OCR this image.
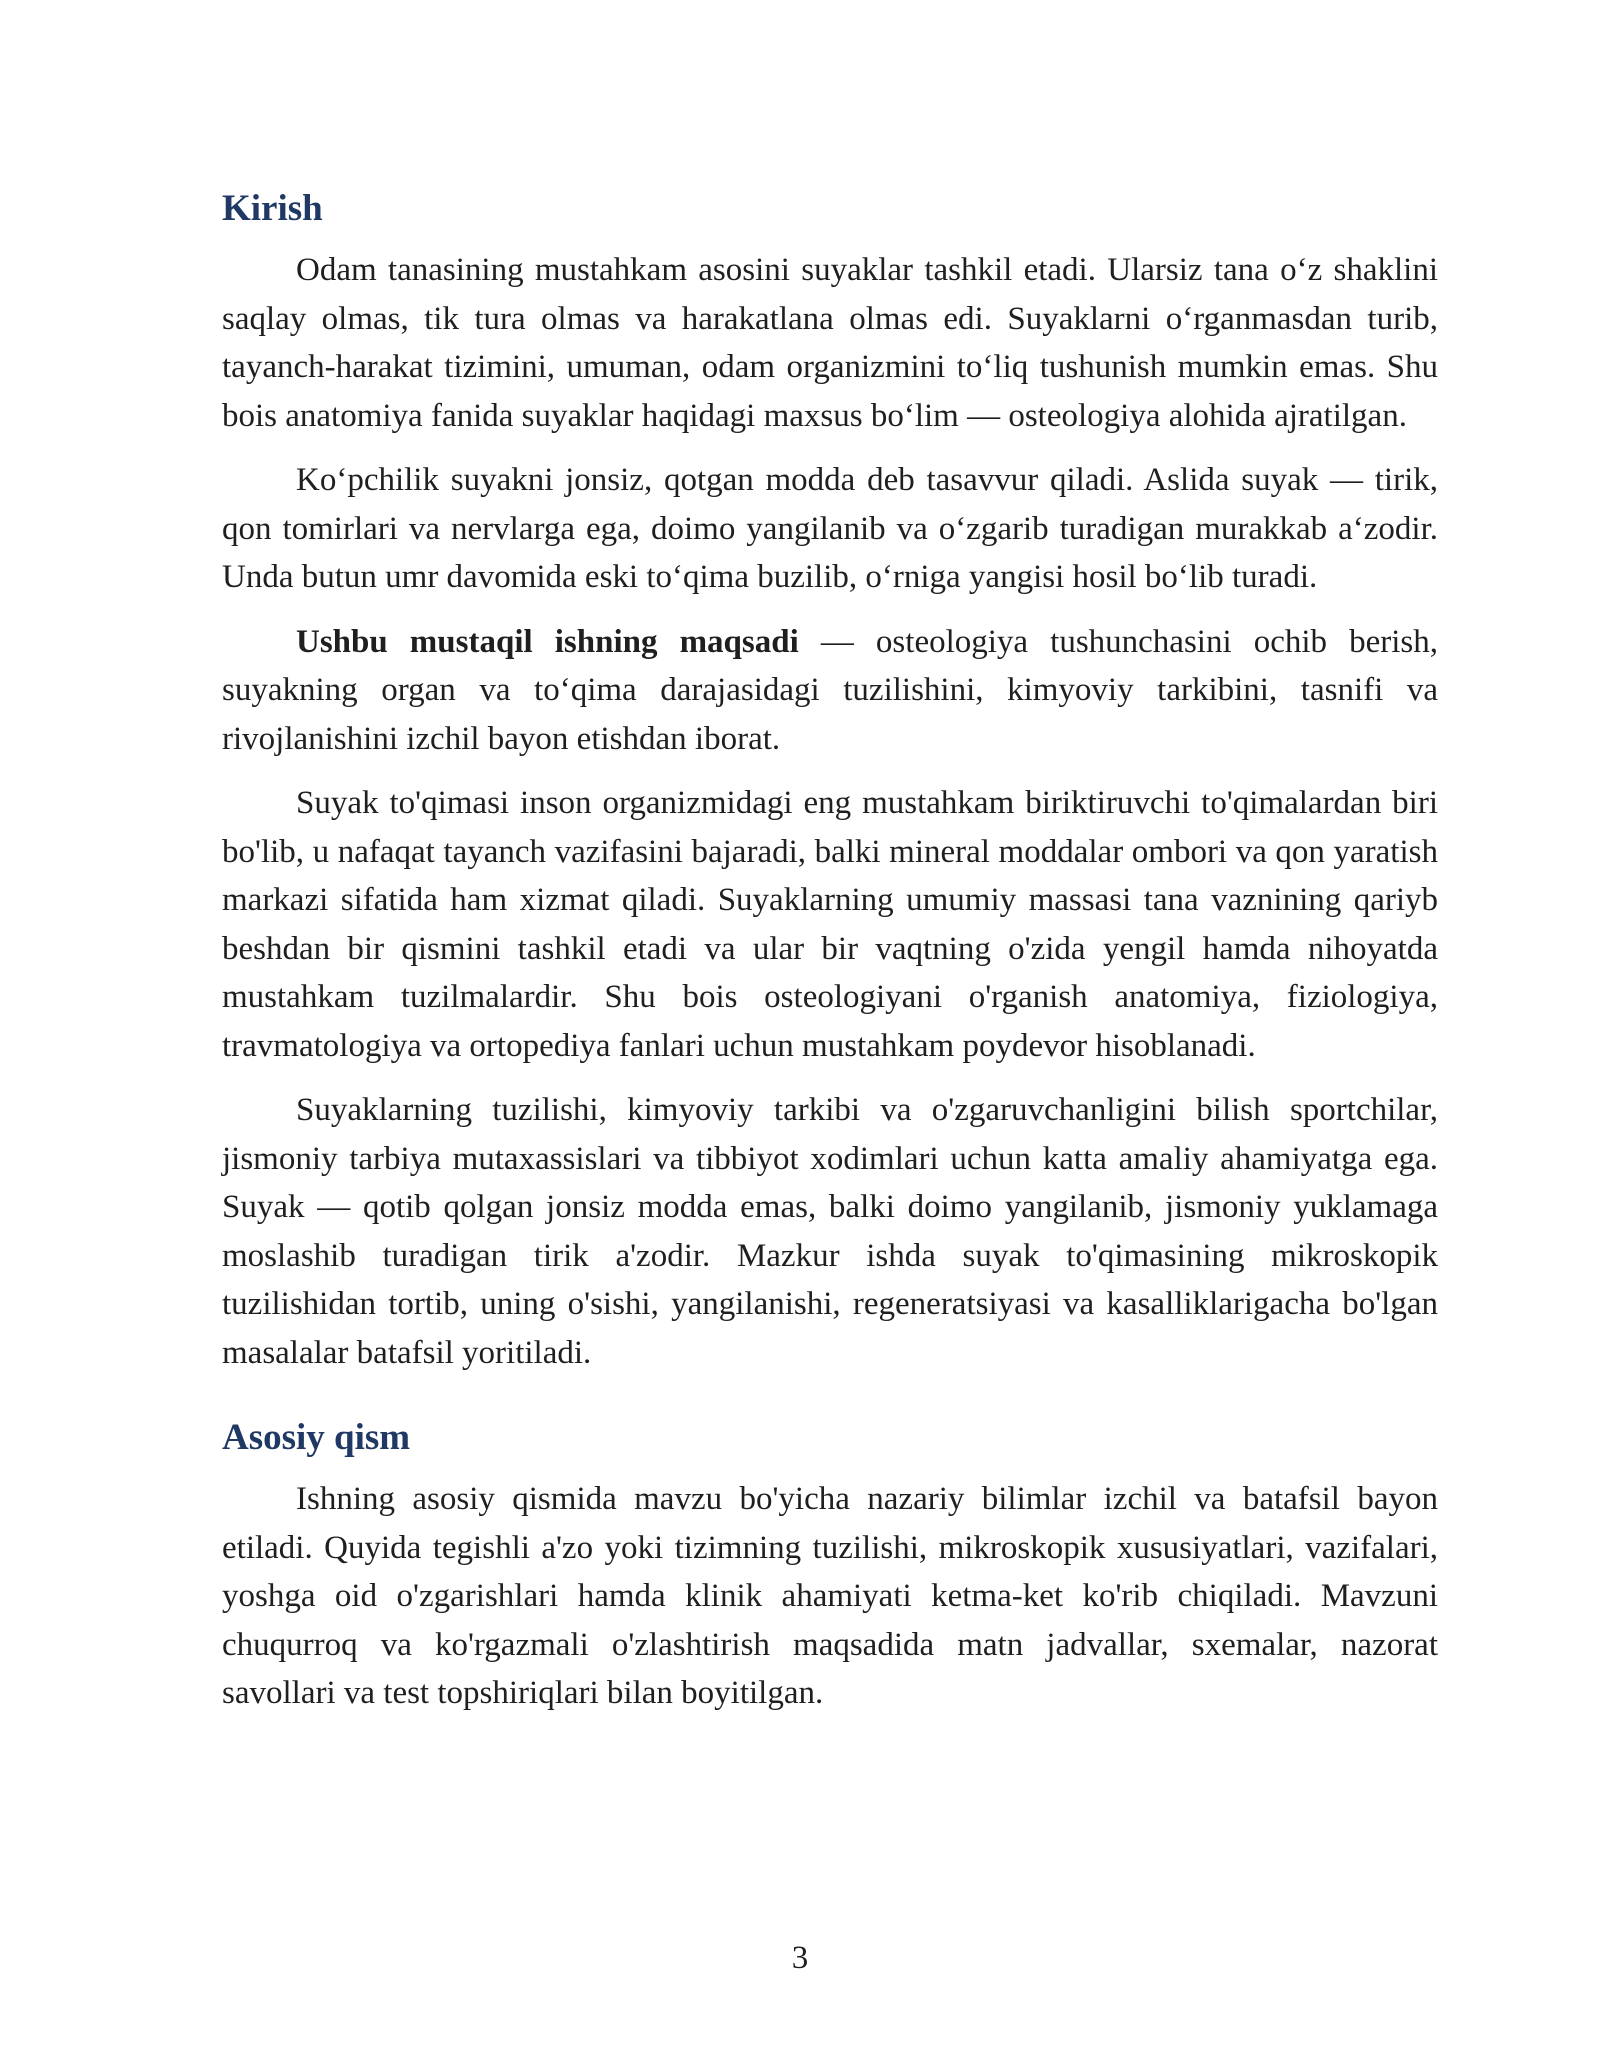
Kirish

Odam tanasining mustahkam asosini suyaklar tashkil etadi. Ularsiz tana o‘z shaklini saqlay olmas, tik tura olmas va harakatlana olmas edi. Suyaklarni o‘rganmasdan turib, tayanch-harakat tizimini, umuman, odam organizmini to‘liq tushunish mumkin emas. Shu bois anatomiya fanida suyaklar haqidagi maxsus bo‘lim — osteologiya alohida ajratilgan.

Ko‘pchilik suyakni jonsiz, qotgan modda deb tasavvur qiladi. Aslida suyak — tirik, qon tomirlari va nervlarga ega, doimo yangilanib va o‘zgarib turadigan murakkab a‘zodir. Unda butun umr davomida eski to‘qima buzilib, o‘rniga yangisi hosil bo‘lib turadi.

Ushbu mustaqil ishning maqsadi — osteologiya tushunchasini ochib berish, suyakning organ va to‘qima darajasidagi tuzilishini, kimyoviy tarkibini, tasnifi va rivojlanishini izchil bayon etishdan iborat.

Suyak to'qimasi inson organizmidagi eng mustahkam biriktiruvchi to'qimalardan biri bo'lib, u nafaqat tayanch vazifasini bajaradi, balki mineral moddalar ombori va qon yaratish markazi sifatida ham xizmat qiladi. Suyaklarning umumiy massasi tana vaznining qariyb beshdan bir qismini tashkil etadi va ular bir vaqtning o'zida yengil hamda nihoyatda mustahkam tuzilmalardir. Shu bois osteologiyani o'rganish anatomiya, fiziologiya, travmatologiya va ortopediya fanlari uchun mustahkam poydevor hisoblanadi.

Suyaklarning tuzilishi, kimyoviy tarkibi va o'zgaruvchanligini bilish sportchilar, jismoniy tarbiya mutaxassislari va tibbiyot xodimlari uchun katta amaliy ahamiyatga ega. Suyak — qotib qolgan jonsiz modda emas, balki doimo yangilanib, jismoniy yuklamaga moslashib turadigan tirik a'zodir. Mazkur ishda suyak to'qimasining mikroskopik tuzilishidan tortib, uning o'sishi, yangilanishi, regeneratsiyasi va kasalliklarigacha bo'lgan masalalar batafsil yoritiladi.

Asosiy qism

Ishning asosiy qismida mavzu bo'yicha nazariy bilimlar izchil va batafsil bayon etiladi. Quyida tegishli a'zo yoki tizimning tuzilishi, mikroskopik xususiyatlari, vazifalari, yoshga oid o'zgarishlari hamda klinik ahamiyati ketma-ket ko'rib chiqiladi. Mavzuni chuqurroq va ko'rgazmali o'zlashtirish maqsadida matn jadvallar, sxemalar, nazorat savollari va test topshiriqlari bilan boyitilgan.

3
